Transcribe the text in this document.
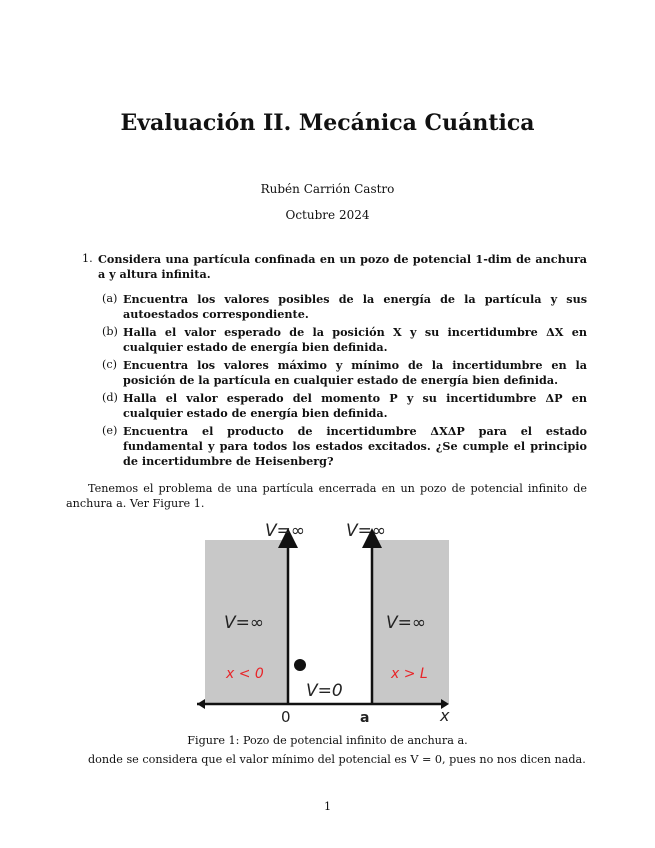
Evaluación II. Mecánica Cuántica
Rubén Carrión Castro
Octubre 2024
1. Considera una partícula confinada en un pozo de potencial 1-dim de anchura a y altura infinita.
(a) Encuentra los valores posibles de la energía de la partícula y sus autoestados correspondiente.
(b) Halla el valor esperado de la posición X y su incertidumbre ΔX en cualquier estado de energía bien definida.
(c) Encuentra los valores máximo y mínimo de la incertidumbre en la posición de la partícula en cualquier estado de energía bien definida.
(d) Halla el valor esperado del momento P y su incertidumbre ΔP en cualquier estado de energía bien definida.
(e) Encuentra el producto de incertidumbre ΔXΔP para el estado fundamental y para todos los estados excitados. ¿Se cumple el principio de incertidumbre de Heisenberg?
Tenemos el problema de una partícula encerrada en un pozo de potencial infinito de anchura a. Ver Figure 1.
V=∞ V=∞
V=∞	V=∞
x < 0	x > L
V=0
0	a	x
Figure 1: Pozo de potencial infinito de anchura a.
donde se considera que el valor mínimo del potencial es V = 0, pues no nos dicen nada.
1
